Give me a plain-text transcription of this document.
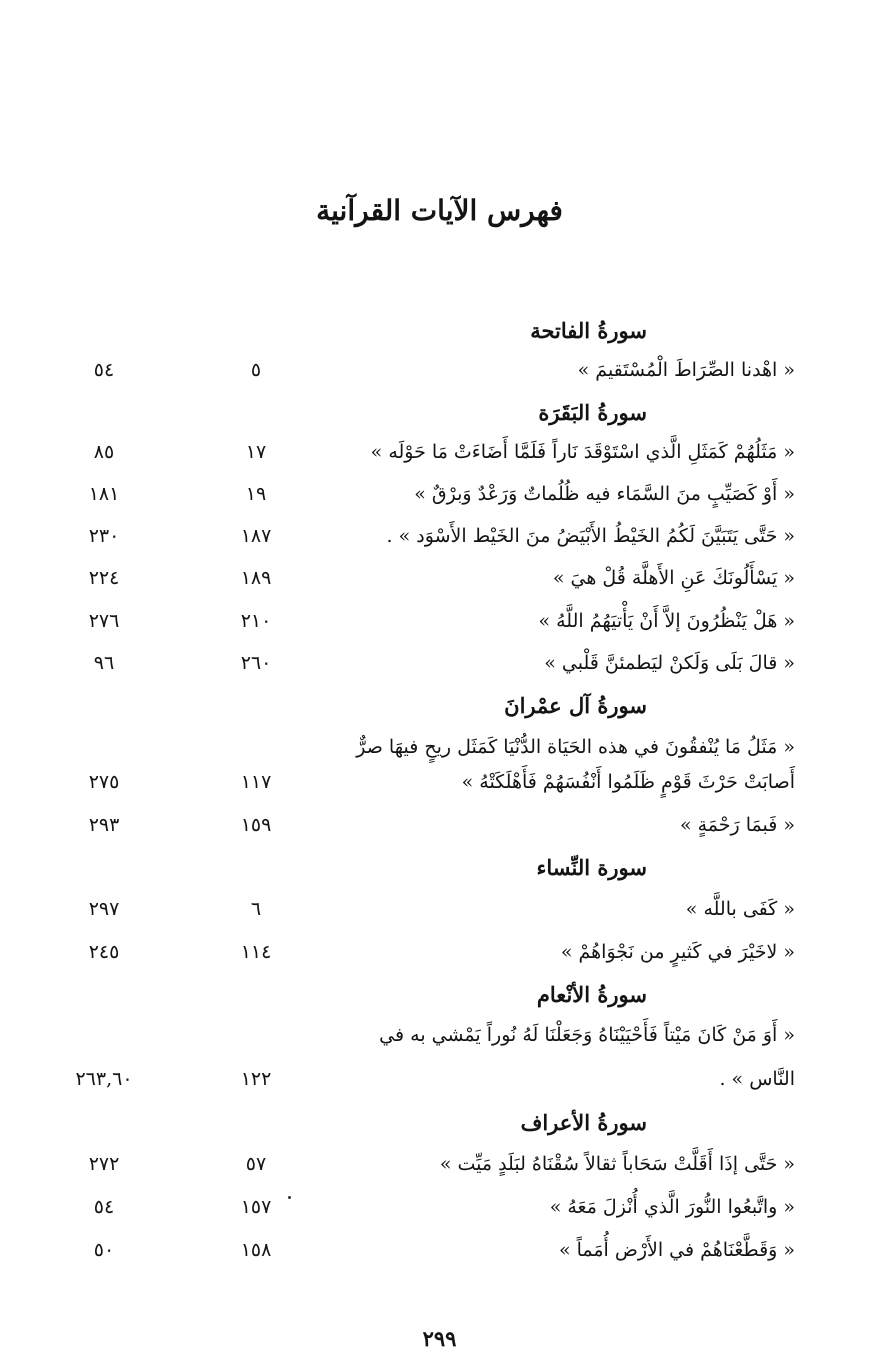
فهرس الآيات القرآنية
سورةُ الفاتحة
« اهْدنا الصِّرَاطَ الْمُسْتَقيمَ »
٥
٥٤
سورةُ البَقَرَة
« مَثَلُهُمْ كَمَثَلِ الَّذي اسْتَوْقَدَ نَاراً فَلَمَّا أَضَاءَتْ مَا حَوْلَه »
١٧
٨٥
« أَوْ كَصَيِّبٍ منَ السَّمَاء فيه ظُلُماتٌ وَرَعْدٌ وَبرْقٌ »
١٩
١٨١
« حَتَّى يَتَبَيَّنَ لَكُمُ الخَيْطُ الأَبْيَضُ منَ الخَيْط الأَسْوَد » .
١٨٧
٢٣٠
« يَسْأَلُونَكَ عَنِ الأَهلَّة قُلْ هيَ »
١٨٩
٢٢٤
« هَلْ يَنْظُرُونَ إلاَّ أَنْ يَأْتيَهُمُ اللَّهُ »
٢١٠
٢٧٦
« قالَ بَلَى وَلَكنْ ليَطمئنَّ قَلْبي »
٢٦٠
٩٦
سورةُ آل عمْرانَ
« مَثَلُ مَا يُنْفقُونَ في هذه الحَيَاة الدُّنْيَا كَمَثَل ريحٍ فيهَا صرٌّ
أَصابَتْ حَرْثَ قَوْمٍ ظَلَمُوا أَنْفُسَهُمْ فَأَهْلَكَتْهُ »
١١٧
٢٧٥
« فَبمَا رَحْمَةٍ »
١٥٩
٢٩٣
سورة النِّساء
« كَفَى باللَّه »
٦
٢٩٧
« لاخَيْرَ في كَثيرٍ من نَجْوَاهُمْ »
١١٤
٢٤٥
سورةُ الأنْعام
« أَوَ مَنْ كَانَ مَيْتاً فَأَحْيَيْنَاهُ وَجَعَلْنَا لَهُ نُوراً يَمْشي به في
النَّاس » .
١٢٢
٢٦٣,٦٠
سورةُ الأعراف
« حَتَّى إذَا أَقَلَّتْ سَحَاباً ثقالاً سُقْنَاهُ لبَلَدٍ مَيِّت »
٥٧
٢٧٢
« واتَّبعُوا النُّورَ الَّذي أُنْزلَ مَعَهُ »
١٥٧
٥٤
« وَقَطَّعْنَاهُمْ في الأَرْض أُمَماً »
١٥٨
٥٠
٢٩٩
